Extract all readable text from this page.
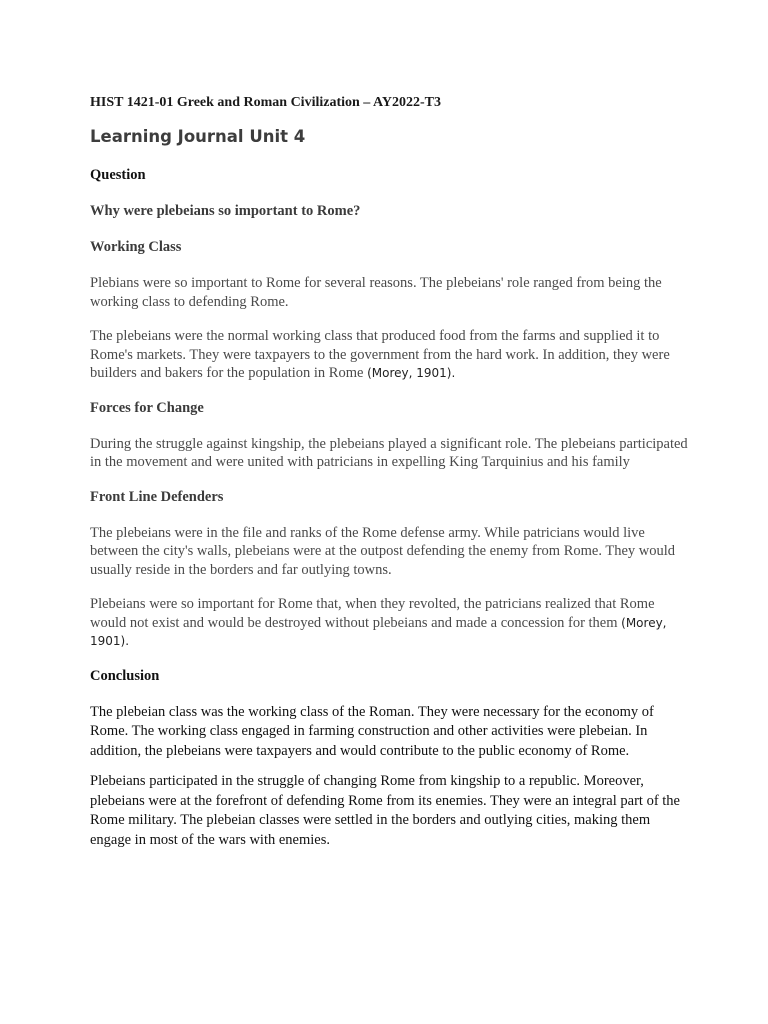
HIST 1421-01 Greek and Roman Civilization – AY2022-T3
Learning Journal Unit 4
Question
Why were plebeians so important to Rome?
Working Class
Plebians were so important to Rome for several reasons. The plebeians' role ranged from being the working class to defending Rome.
The plebeians were the normal working class that produced food from the farms and supplied it to Rome's markets. They were taxpayers to the government from the hard work. In addition, they were builders and bakers for the population in Rome (Morey, 1901).
Forces for Change
During the struggle against kingship, the plebeians played a significant role. The plebeians participated in the movement and were united with patricians in expelling King Tarquinius and his family
Front Line Defenders
The plebeians were in the file and ranks of the Rome defense army. While patricians would live between the city's walls, plebeians were at the outpost defending the enemy from Rome. They would usually reside in the borders and far outlying towns.
Plebeians were so important for Rome that, when they revolted, the patricians realized that Rome would not exist and would be destroyed without plebeians and made a concession for them (Morey, 1901).
Conclusion
The plebeian class was the working class of the Roman. They were necessary for the economy of Rome. The working class engaged in farming construction and other activities were plebeian. In addition, the plebeians were taxpayers and would contribute to the public economy of Rome.
Plebeians participated in the struggle of changing Rome from kingship to a republic. Moreover, plebeians were at the forefront of defending Rome from its enemies. They were an integral part of the Rome military. The plebeian classes were settled in the borders and outlying cities, making them engage in most of the wars with enemies.
